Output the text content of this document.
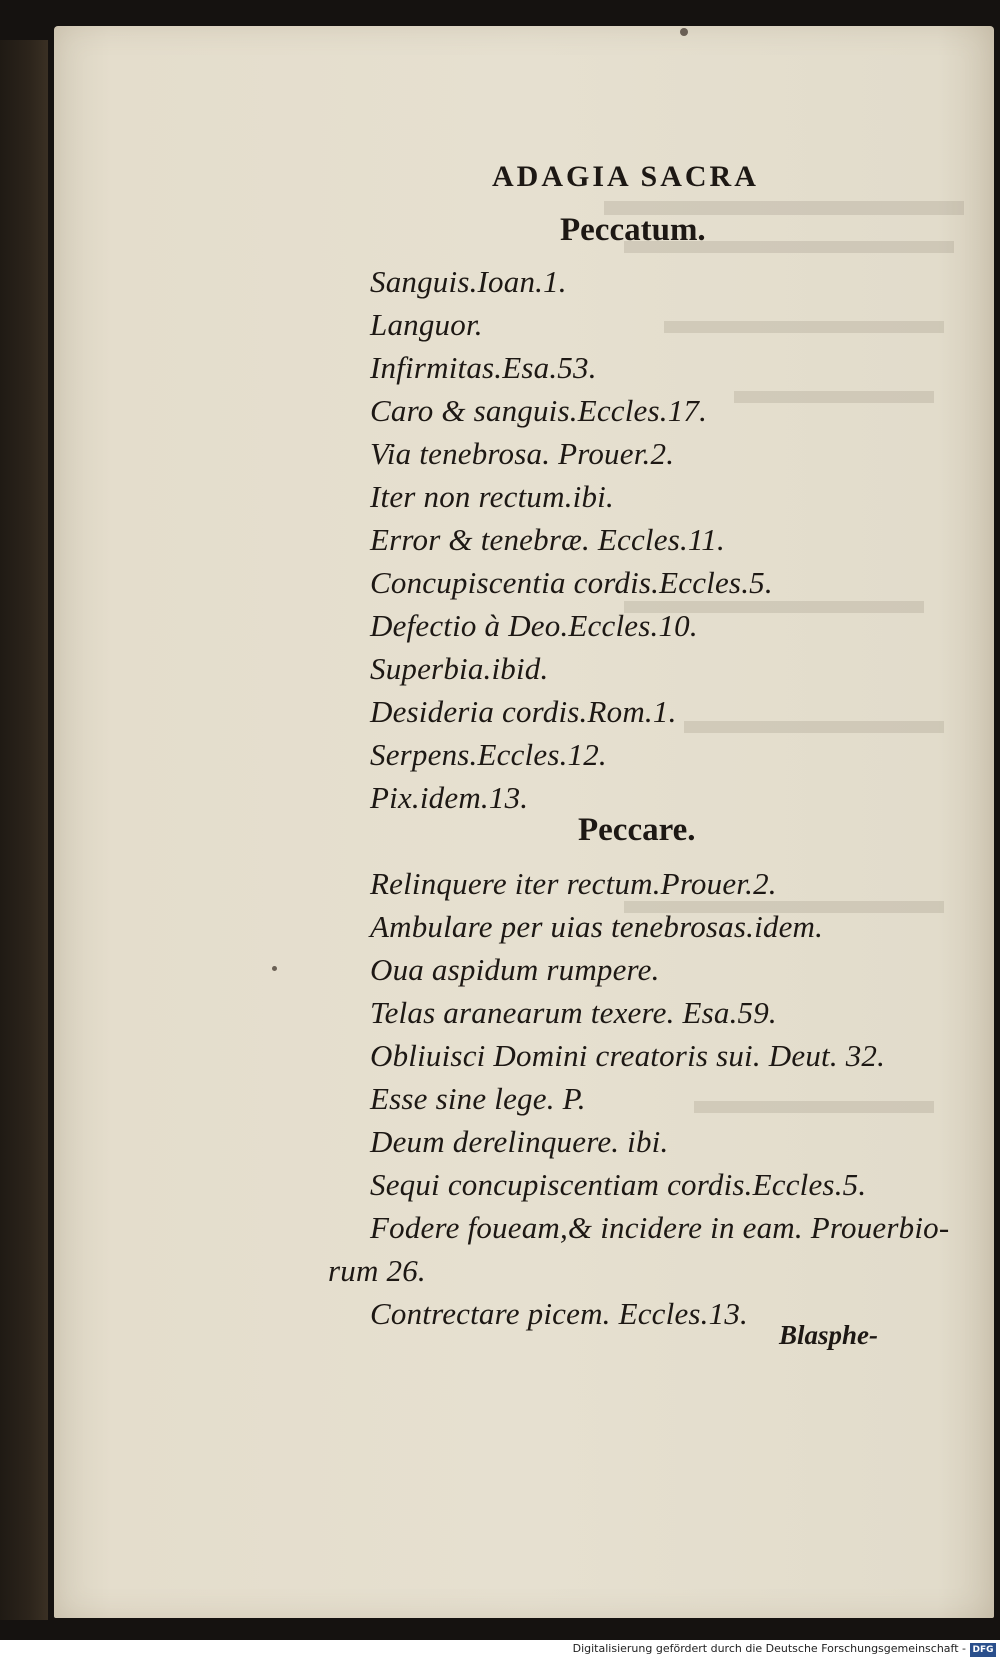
ADAGIA SACRA
Peccatum.

Sanguis.Ioan.1.

Languor.

Infirmitas.Esa.53.

Caro & sanguis.Eccles.17.

Via tenebrosa. Prouer.2.

Iter non rectum.ibi.

Error & tenebræ. Eccles.11.

Concupiscentia cordis.Eccles.5.

Defectio à Deo.Eccles.10.

Superbia.ibid.

Desideria cordis.Rom.1.

Serpens.Eccles.12.

Pix.idem.13.

Peccare.

Relinquere iter rectum.Prouer.2.

Ambulare per uias tenebrosas.idem.

Oua aspidum rumpere.

Telas aranearum texere. Esa.59.

Obliuisci Domini creatoris sui. Deut. 32.

Esse sine lege. P.

Deum derelinquere. ibi.

Sequi concupiscentiam cordis.Eccles.5.

Fodere foueam,& incidere in eam. Prouerbio-

rum 26.

Contrectare picem. Eccles.13.

Blasphe-

Digitalisierung gefördert durch die Deutsche Forschungsgemeinschaft - DFG
